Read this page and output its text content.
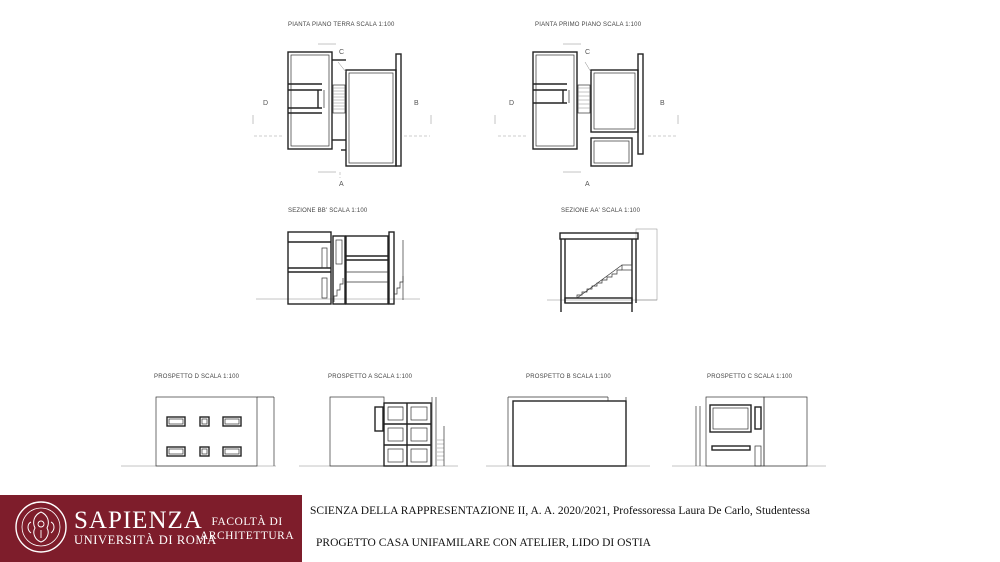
PIANTA PIANO TERRA SCALA 1:100
C
A
D	B
PIANTA PRIMO PIANO SCALA 1:100
C
A
D	B
SEZIONE BB' SCALA 1:100	SEZIONE AA' SCALA 1:100
PROSPETTO D SCALA 1:100	PROSPETTO A SCALA 1:100	PROSPETTO B SCALA 1:100	PROSPETTO C SCALA 1:100
SAPIENZA
UNIVERSITÀ DI ROMA
FACOLTÀ DI
ARCHITETTURA
SCIENZA DELLA RAPPRESENTAZIONE II, A. A. 2020/2021, Professoressa Laura De Carlo, Studentessa
PROGETTO CASA UNIFAMILARE CON ATELIER, LIDO DI OSTIA
